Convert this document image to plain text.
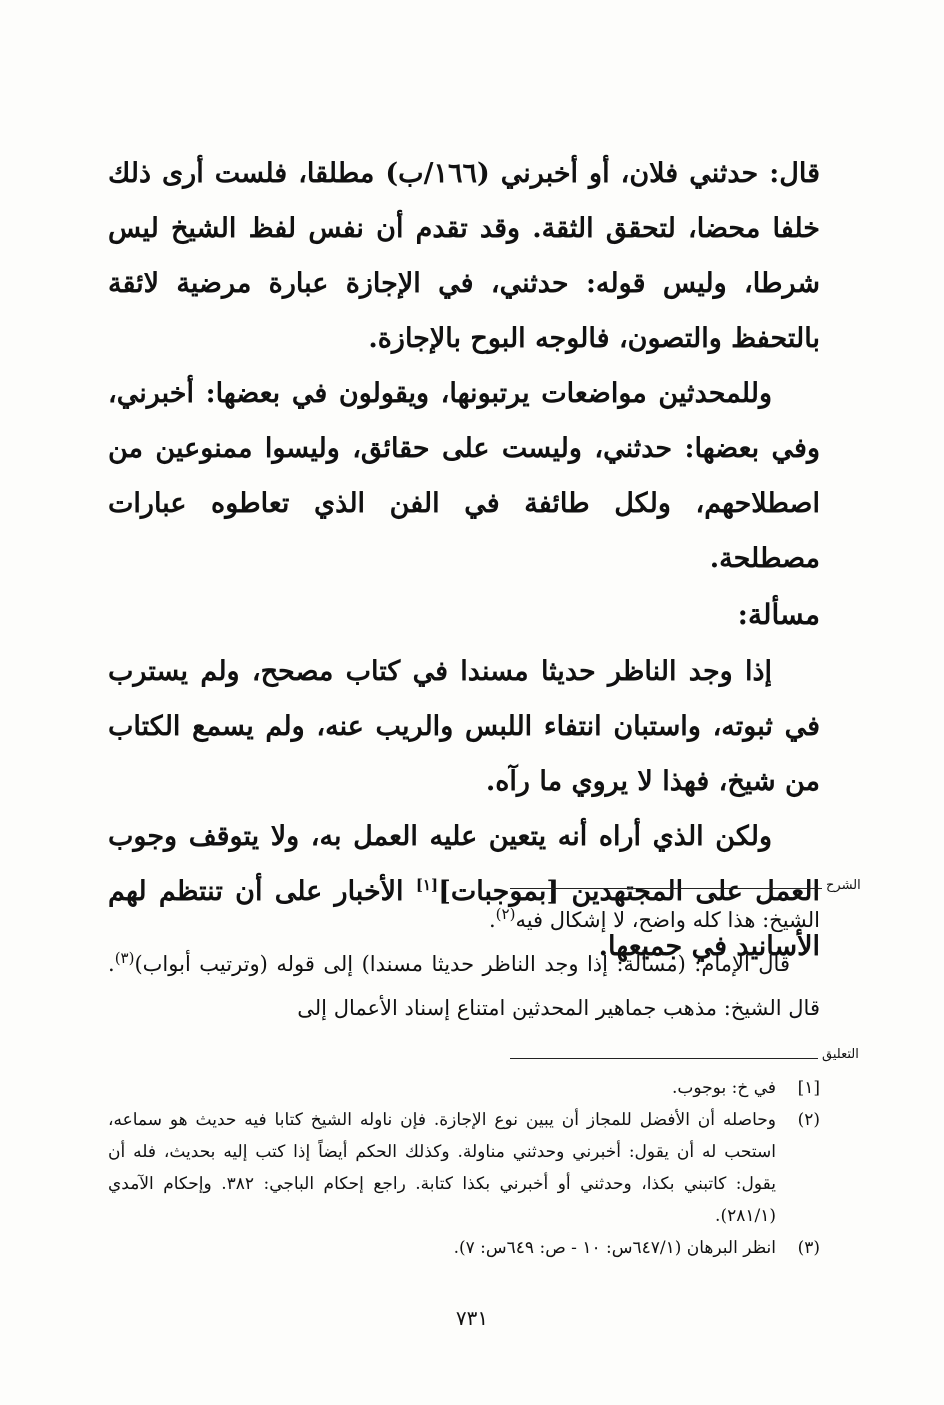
قال: حدثني فلان، أو أخبرني (١٦٦/ب) مطلقا، فلست أرى ذلك خلفا محضا، لتحقق الثقة. وقد تقدم أن نفس لفظ الشيخ ليس شرطا، وليس قوله: حدثني، في الإجازة عبارة مرضية لائقة بالتحفظ والتصون، فالوجه البوح بالإجازة.

وللمحدثين مواضعات يرتبونها، ويقولون في بعضها: أخبرني، وفي بعضها: حدثني، وليست على حقائق، وليسوا ممنوعين من اصطلاحهم، ولكل طائفة في الفن الذي تعاطوه عبارات مصطلحة.

مسألة:

إذا وجد الناظر حديثا مسندا في كتاب مصحح، ولم يسترب في ثبوته، واستبان انتفاء اللبس والريب عنه، ولم يسمع الكتاب من شيخ، فهذا لا يروي ما رآه.

ولكن الذي أراه أنه يتعين عليه العمل به، ولا يتوقف وجوب العمل على المجتهدين [بموجبات][١] الأخبار على أن تنتظم لهم الأسانيد في جميعها.

الشرح

الشيخ: هذا كله واضح، لا إشكال فيه$^{(٢)}$.

قال الإمام: (مسألة: إذا وجد الناظر حديثا مسندا) إلى قوله (وترتيب أبواب)$^{(٣)}$. قال الشيخ: مذهب جماهير المحدثين امتناع إسناد الأعمال إلى

التعليق
[١]
في خ: بوجوب.
(٢)
وحاصله أن الأفضل للمجاز أن يبين نوع الإجازة. فإن ناوله الشيخ كتابا فيه حديث هو سماعه، استحب له أن يقول: أخبرني وحدثني مناولة. وكذلك الحكم أيضاً إذا كتب إليه بحديث، فله أن يقول: كاتبني بكذا، وحدثني أو أخبرني بكذا كتابة. راجع إحكام الباجي: ٣٨٢. وإحكام الآمدي (٢٨١/١).
(٣)
انظر البرهان (٦٤٧/١س: ١٠ - ص: ٦٤٩س: ٧).
٧٣١
